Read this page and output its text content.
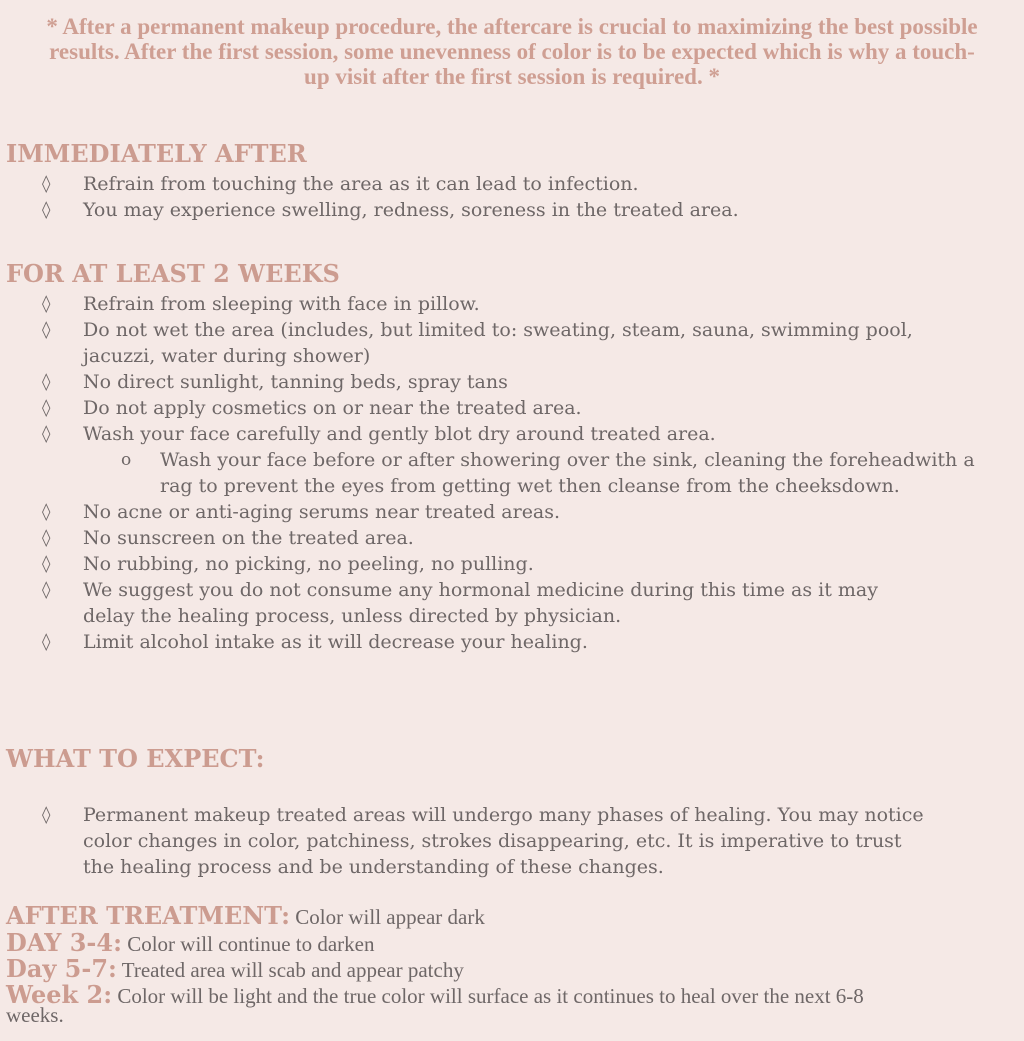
* After a permanent makeup procedure, the aftercare is crucial to maximizing the best possible
results. After the first session, some unevenness of color is to be expected which is why a touch-
up visit after the first session is required. *
IMMEDIATELY AFTER
◊ Refrain from touching the area as it can lead to infection.
◊ You may experience swelling, redness, soreness in the treated area.
FOR AT LEAST 2 WEEKS
◊ Refrain from sleeping with face in pillow.
◊ Do not wet the area (includes, but limited to: sweating, steam, sauna, swimming pool,
jacuzzi, water during shower)
◊ No direct sunlight, tanning beds, spray tans
◊ Do not apply cosmetics on or near the treated area.
◊ Wash your face carefully and gently blot dry around treated area.
o Wash your face before or after showering over the sink, cleaning the foreheadwith a rag to prevent the eyes from getting wet then cleanse from the cheeksdown.
◊ No acne or anti-aging serums near treated areas.
◊ No sunscreen on the treated area.
◊ No rubbing, no picking, no peeling, no pulling.
◊ We suggest you do not consume any hormonal medicine during this time as it may
delay the healing process, unless directed by physician.
◊ Limit alcohol intake as it will decrease your healing.
WHAT TO EXPECT:
◊ Permanent makeup treated areas will undergo many phases of healing. You may notice
color changes in color, patchiness, strokes disappearing, etc. It is imperative to trust
the healing process and be understanding of these changes.
AFTER TREATMENT: Color will appear dark
DAY 3-4: Color will continue to darken
Day 5-7: Treated area will scab and appear patchy
Week 2: Color will be light and the true color will surface as it continues to heal over the next 6-8
weeks.
